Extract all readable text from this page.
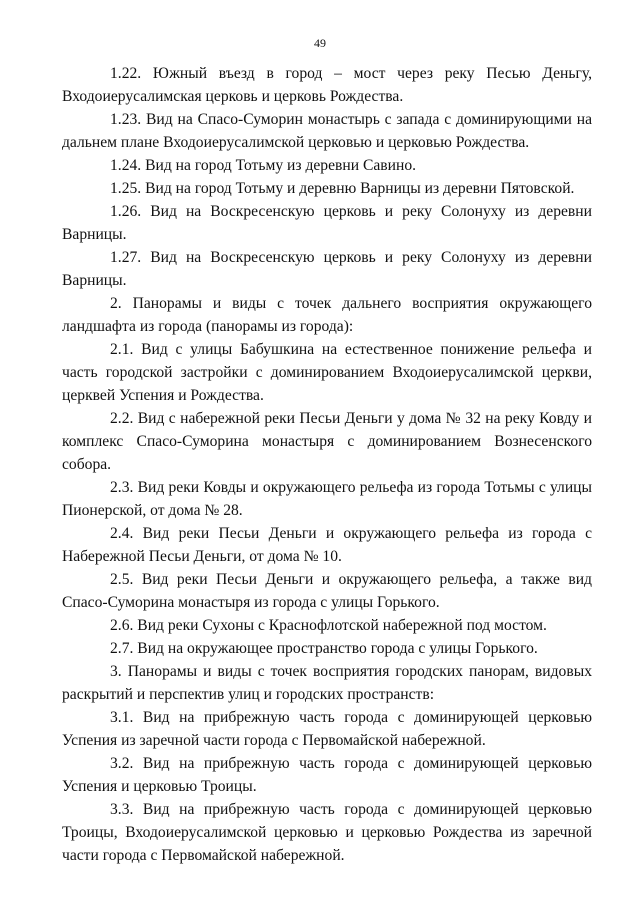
49

1.22. Южный въезд в город – мост через реку Песью Деньгу, Входоиерусалимская церковь и церковь Рождества.

1.23. Вид на Спасо-Суморин монастырь с запада с доминирующими на дальнем плане Входоиерусалимской церковью и церковью Рождества.

1.24. Вид на город Тотьму из деревни Савино.

1.25. Вид на город Тотьму и деревню Варницы из деревни Пятовской.

1.26. Вид на Воскресенскую церковь и реку Солонуху из деревни Варницы.

1.27. Вид на Воскресенскую церковь и реку Солонуху из деревни Варницы.

2. Панорамы и виды с точек дальнего восприятия окружающего ландшафта из города (панорамы из города):

2.1. Вид с улицы Бабушкина на естественное понижение рельефа и часть городской застройки с доминированием Входоиерусалимской церкви, церквей Успения и Рождества.

2.2. Вид с набережной реки Песьи Деньги у дома № 32 на реку Ковду и комплекс Спасо-Суморина монастыря с доминированием Вознесенского собора.

2.3. Вид реки Ковды и окружающего рельефа из города Тотьмы с улицы Пионерской, от дома № 28.

2.4. Вид реки Песьи Деньги и окружающего рельефа из города с Набережной Песьи Деньги, от дома № 10.

2.5. Вид реки Песьи Деньги и окружающего рельефа, а также вид Спасо-Суморина монастыря из города с улицы Горького.

2.6. Вид реки Сухоны с Краснофлотской набережной под мостом.

2.7. Вид на окружающее пространство города с улицы Горького.

3. Панорамы и виды с точек восприятия городских панорам, видовых раскрытий и перспектив улиц и городских пространств:

3.1. Вид на прибрежную часть города с доминирующей церковью Успения из заречной части города с Первомайской набережной.

3.2. Вид на прибрежную часть города с доминирующей церковью Успения и церковью Троицы.

3.3. Вид на прибрежную часть города с доминирующей церковью Троицы, Входоиерусалимской церковью и церковью Рождества из заречной части города с Первомайской набережной.
